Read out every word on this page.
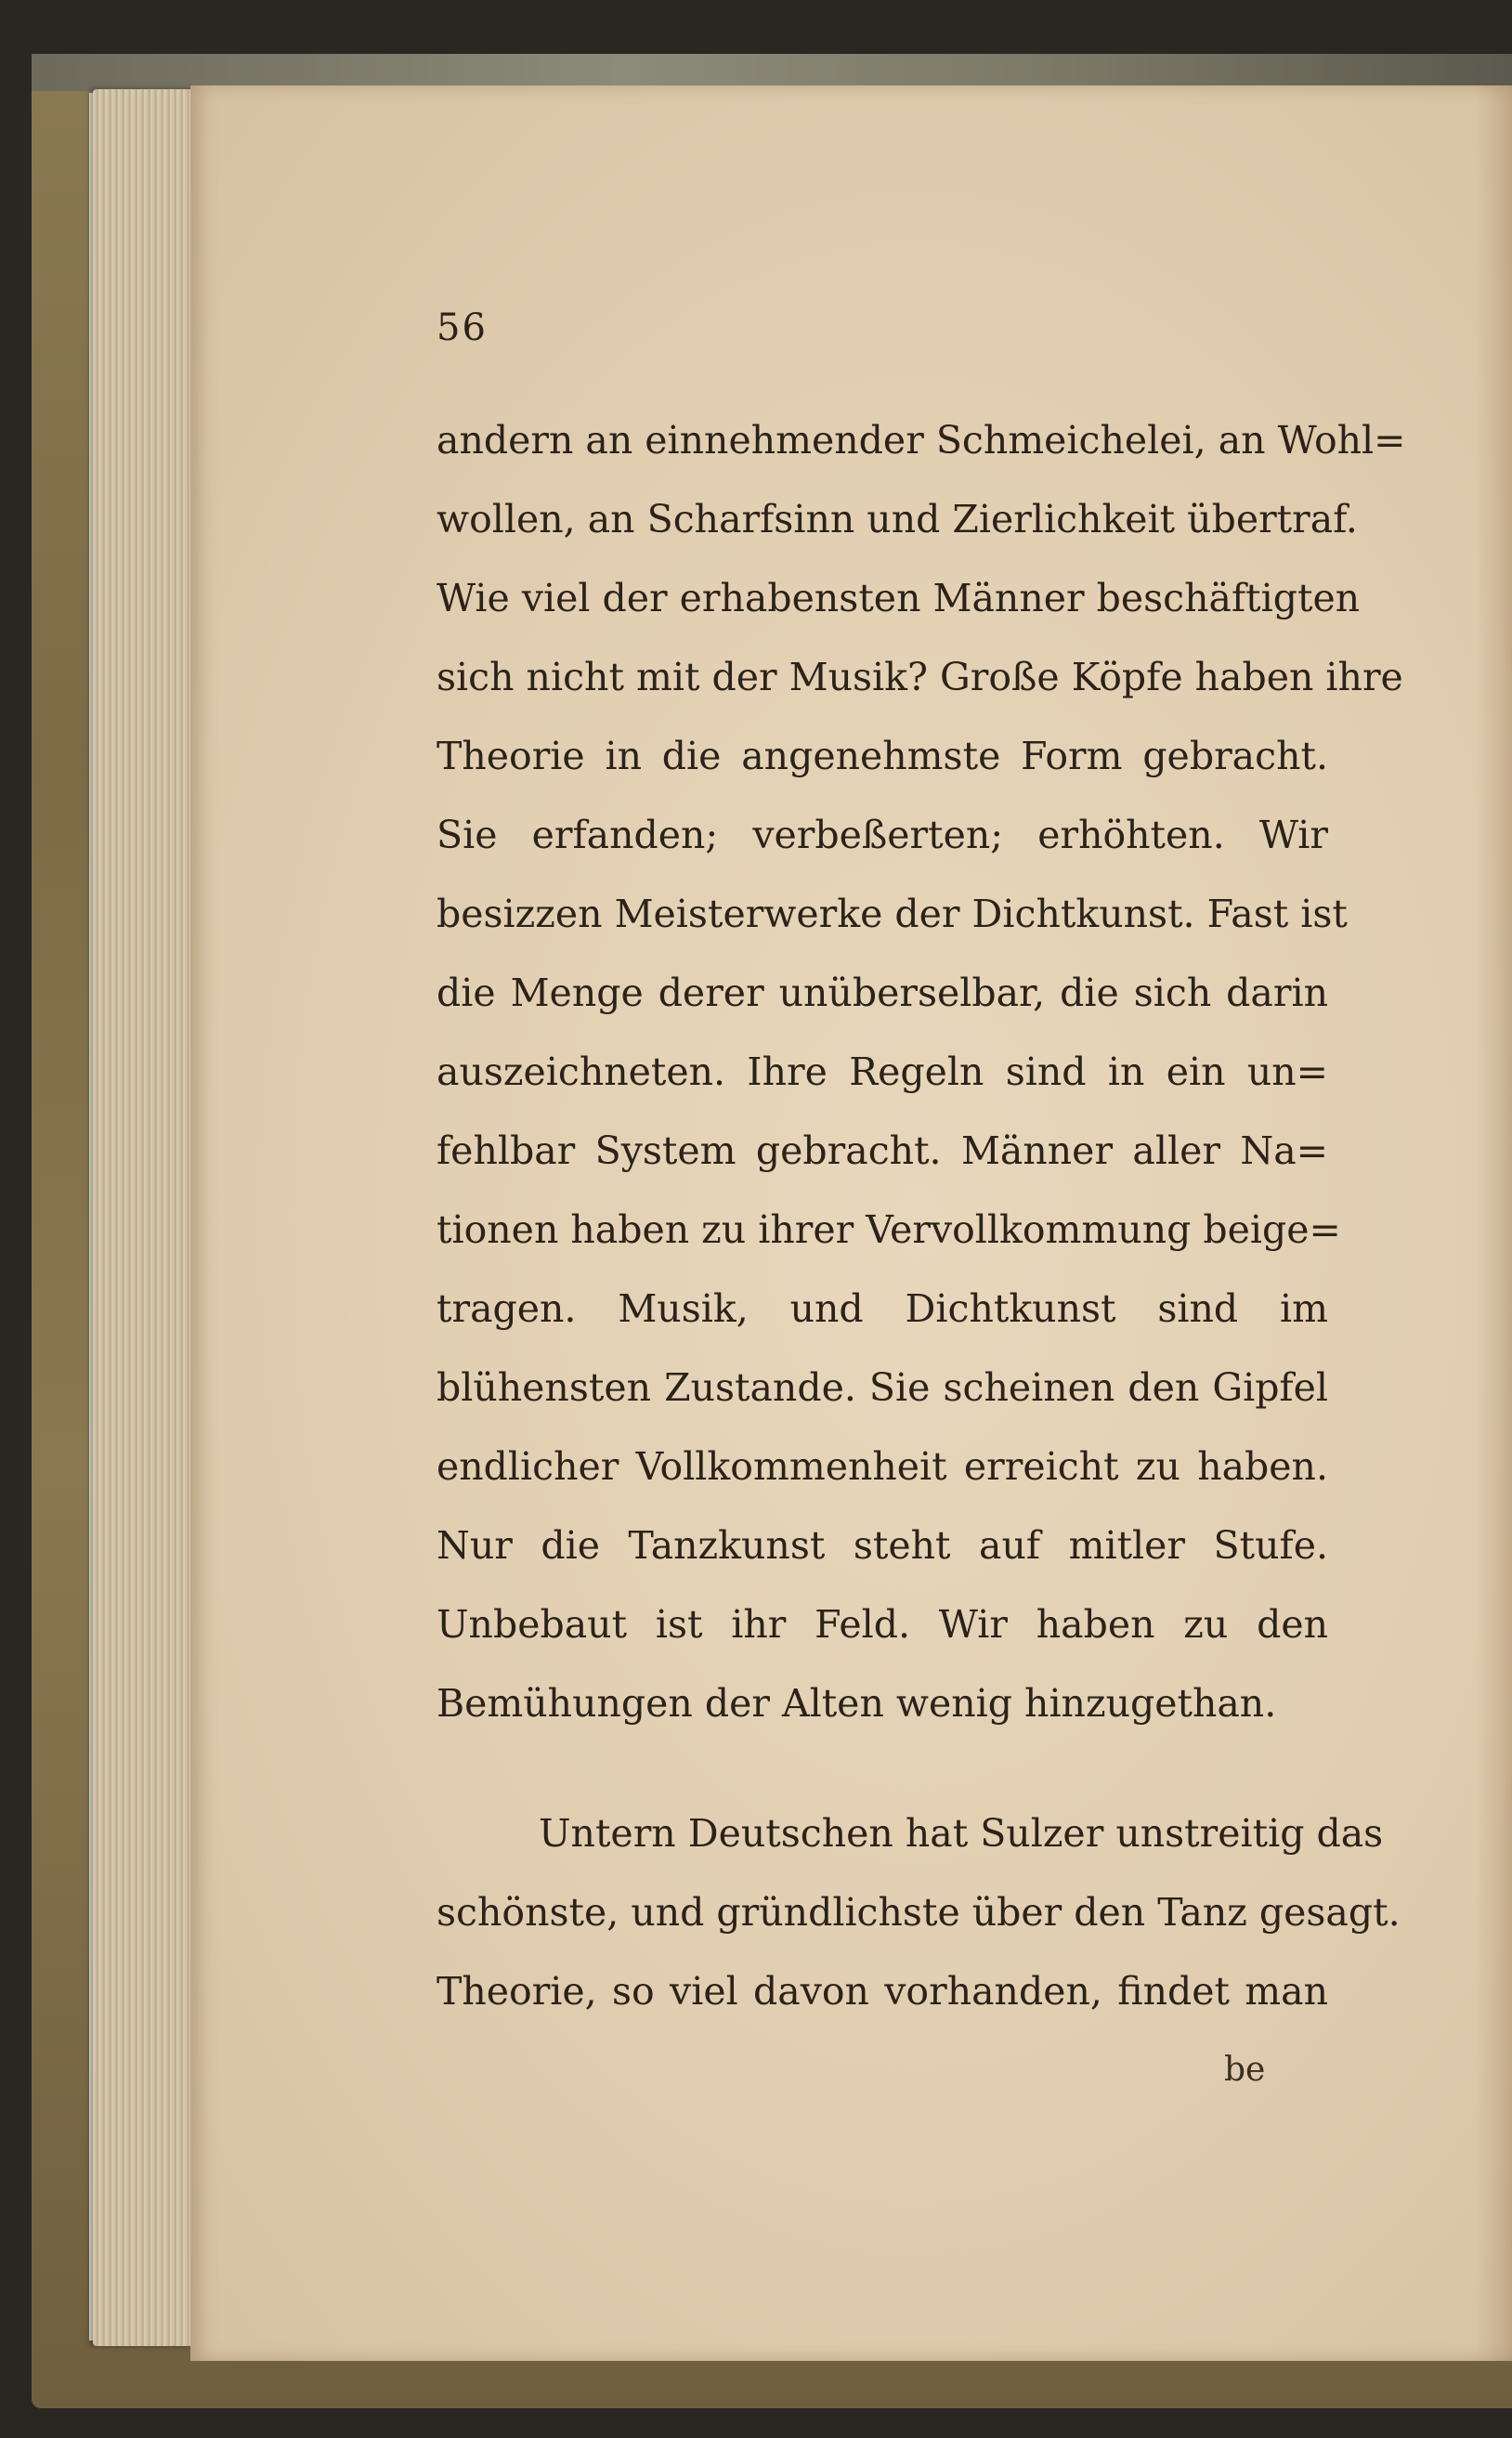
56
andern an einnehmender Schmeichelei, an Wohl=
wollen, an Scharfsinn und Zierlichkeit übertraf.
Wie viel der erhabensten Männer beschäftigten
sich nicht mit der Musik? Große Köpfe haben ihre
Theorie in die angenehmste Form gebracht.
Sie erfanden; verbeßerten; erhöhten. Wir
besizzen Meisterwerke der Dichtkunst. Fast ist
die Menge derer unüberselbar, die sich darin
auszeichneten. Ihre Regeln sind in ein un=
fehlbar System gebracht. Männer aller Na=
tionen haben zu ihrer Vervollkommung beige=
tragen. Musik, und Dichtkunst sind im
blühensten Zustande. Sie scheinen den Gipfel
endlicher Vollkommenheit erreicht zu haben.
Nur die Tanzkunst steht auf mitler Stufe.
Unbebaut ist ihr Feld. Wir haben zu den
Bemühungen der Alten wenig hinzugethan.
Untern Deutschen hat Sulzer unstreitig das
schönste, und gründlichste über den Tanz gesagt.
Theorie, so viel davon vorhanden, findet man
be
